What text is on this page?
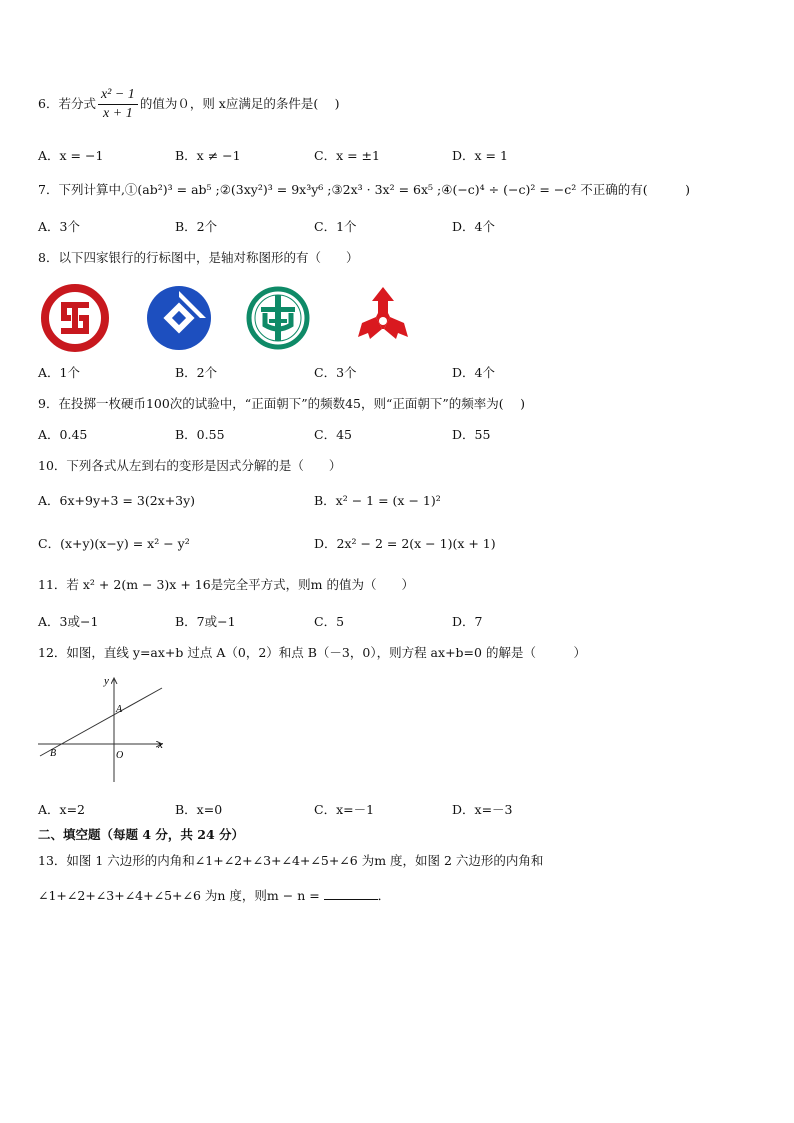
6．若分式 $\frac{\text{x² − 1}}{x + 1}$ 的值为０，则 x应满足的条件是(　 )
A．x = −1	B．x ≠ −1	C．x = ±1	D．x = 1
7．下列计算中,①(ab²)³ = ab⁵ ;②(3xy²)³ = 9x³y⁶ ;③2x³ · 3x² = 6x⁵ ;④(−c)⁴ ÷ (−c)² = −c² 不正确的有(　　　)
A．3个	B．2个	C．1个	D．4个
8．以下四家银行的行标图中，是轴对称图形的有（　　）
A．1个	B．2个	C．3个	D．4个
9．在投掷一枚硬币100次的试验中，“正面朝下”的频数45，则“正面朝下”的频率为(　 )
A．0.45	B．0.55	C．45	D．55
10．下列各式从左到右的变形是因式分解的是（　　）
A．6x+9y+3 = 3(2x+3y)	B．x² − 1 = (x − 1)²
C．(x+y)(x−y) = x² − y²	D．2x² − 2 = 2(x − 1)(x + 1)
11．若 x² + 2(m − 3)x + 16是完全平方式，则m 的值为（　　）
A．3或−1	B．7或−1	C．5	D．7
12．如图，直线 y=ax+b 过点 A（0，2）和点 B（－3，0），则方程 ax+b=0 的解是（　　　）
y
x
A
B	O
A．x=2	B．x=0	C．x=－1	D．x=－3
二、填空题（每题 4 分，共 24 分）
13．如图 1 六边形的内角和∠1+∠2+∠3+∠4+∠5+∠6 为m 度，如图 2 六边形的内角和
∠1+∠2+∠3+∠4+∠5+∠6 为n 度，则m − n =	．
